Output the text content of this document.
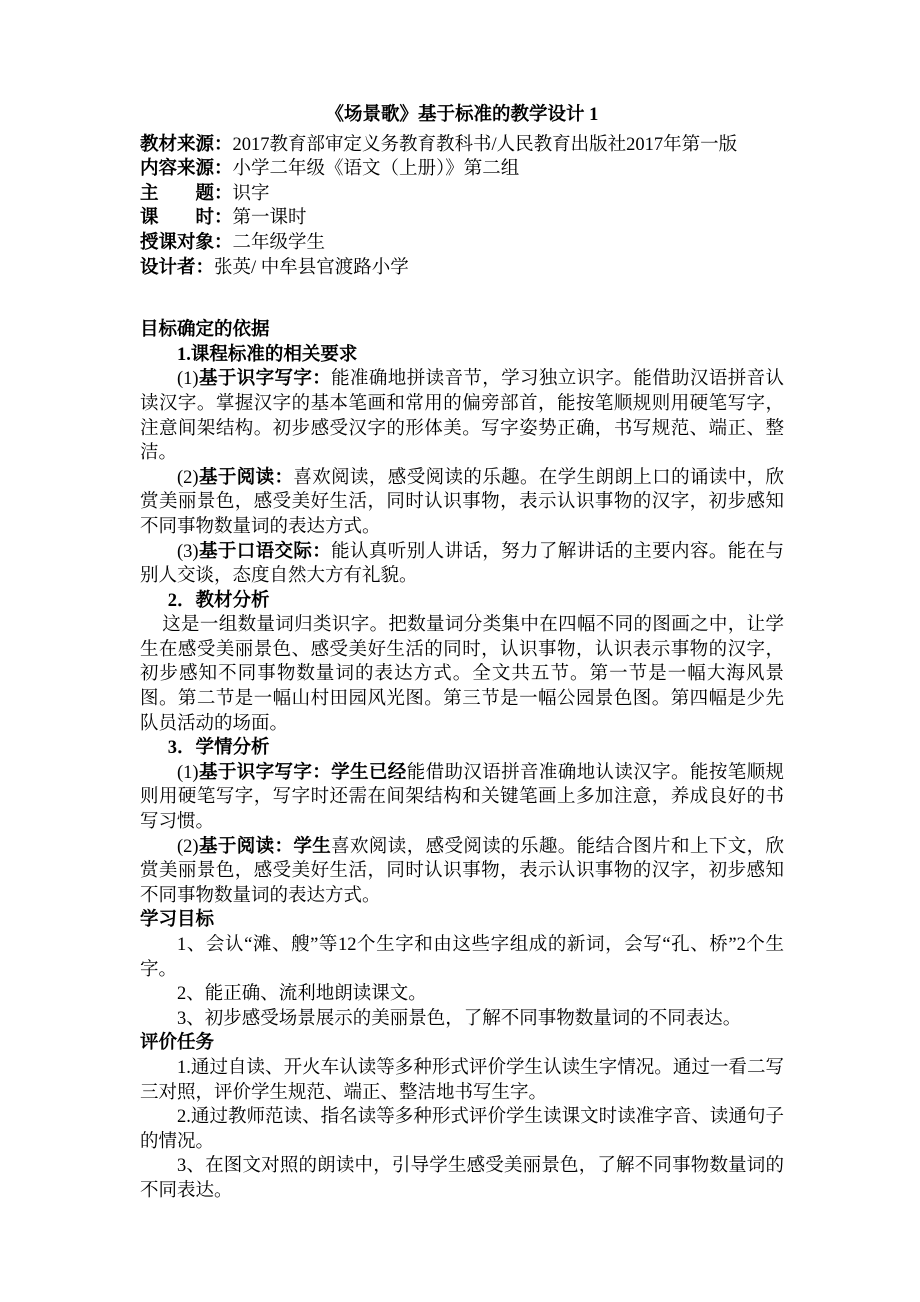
《场景歌》基于标准的教学设计 1

教材来源：2017教育部审定义务教育教科书/人民教育出版社2017年第一版

内容来源：小学二年级《语文（上册）》第二组

主　　题：识字

课　　时：第一课时

授课对象：二年级学生

设计者：张英/ 中牟县官渡路小学

目标确定的依据

1.课程标准的相关要求

(1)基于识字写字：能准确地拼读音节，学习独立识字。能借助汉语拼音认读汉字。掌握汉字的基本笔画和常用的偏旁部首，能按笔顺规则用硬笔写字，注意间架结构。初步感受汉字的形体美。写字姿势正确，书写规范、端正、整洁。

(2)基于阅读：喜欢阅读，感受阅读的乐趣。在学生朗朗上口的诵读中，欣赏美丽景色，感受美好生活，同时认识事物，表示认识事物的汉字，初步感知不同事物数量词的表达方式。

(3)基于口语交际：能认真听别人讲话，努力了解讲话的主要内容。能在与别人交谈，态度自然大方有礼貌。

2．教材分析

这是一组数量词归类识字。把数量词分类集中在四幅不同的图画之中，让学生在感受美丽景色、感受美好生活的同时，认识事物，认识表示事物的汉字，初步感知不同事物数量词的表达方式。全文共五节。第一节是一幅大海风景图。第二节是一幅山村田园风光图。第三节是一幅公园景色图。第四幅是少先队员活动的场面。

3．学情分析

(1)基于识字写字：学生已经能借助汉语拼音准确地认读汉字。能按笔顺规则用硬笔写字，写字时还需在间架结构和关键笔画上多加注意，养成良好的书写习惯。

(2)基于阅读：学生喜欢阅读，感受阅读的乐趣。能结合图片和上下文，欣赏美丽景色，感受美好生活，同时认识事物，表示认识事物的汉字，初步感知不同事物数量词的表达方式。

学习目标

1、会认“滩、艘”等12个生字和由这些字组成的新词，会写“孔、桥”2个生字。

2、能正确、流利地朗读课文。

3、初步感受场景展示的美丽景色，了解不同事物数量词的不同表达。

评价任务

1.通过自读、开火车认读等多种形式评价学生认读生字情况。通过一看二写三对照，评价学生规范、端正、整洁地书写生字。

2.通过教师范读、指名读等多种形式评价学生读课文时读准字音、读通句子的情况。

3、在图文对照的朗读中，引导学生感受美丽景色，了解不同事物数量词的不同表达。
